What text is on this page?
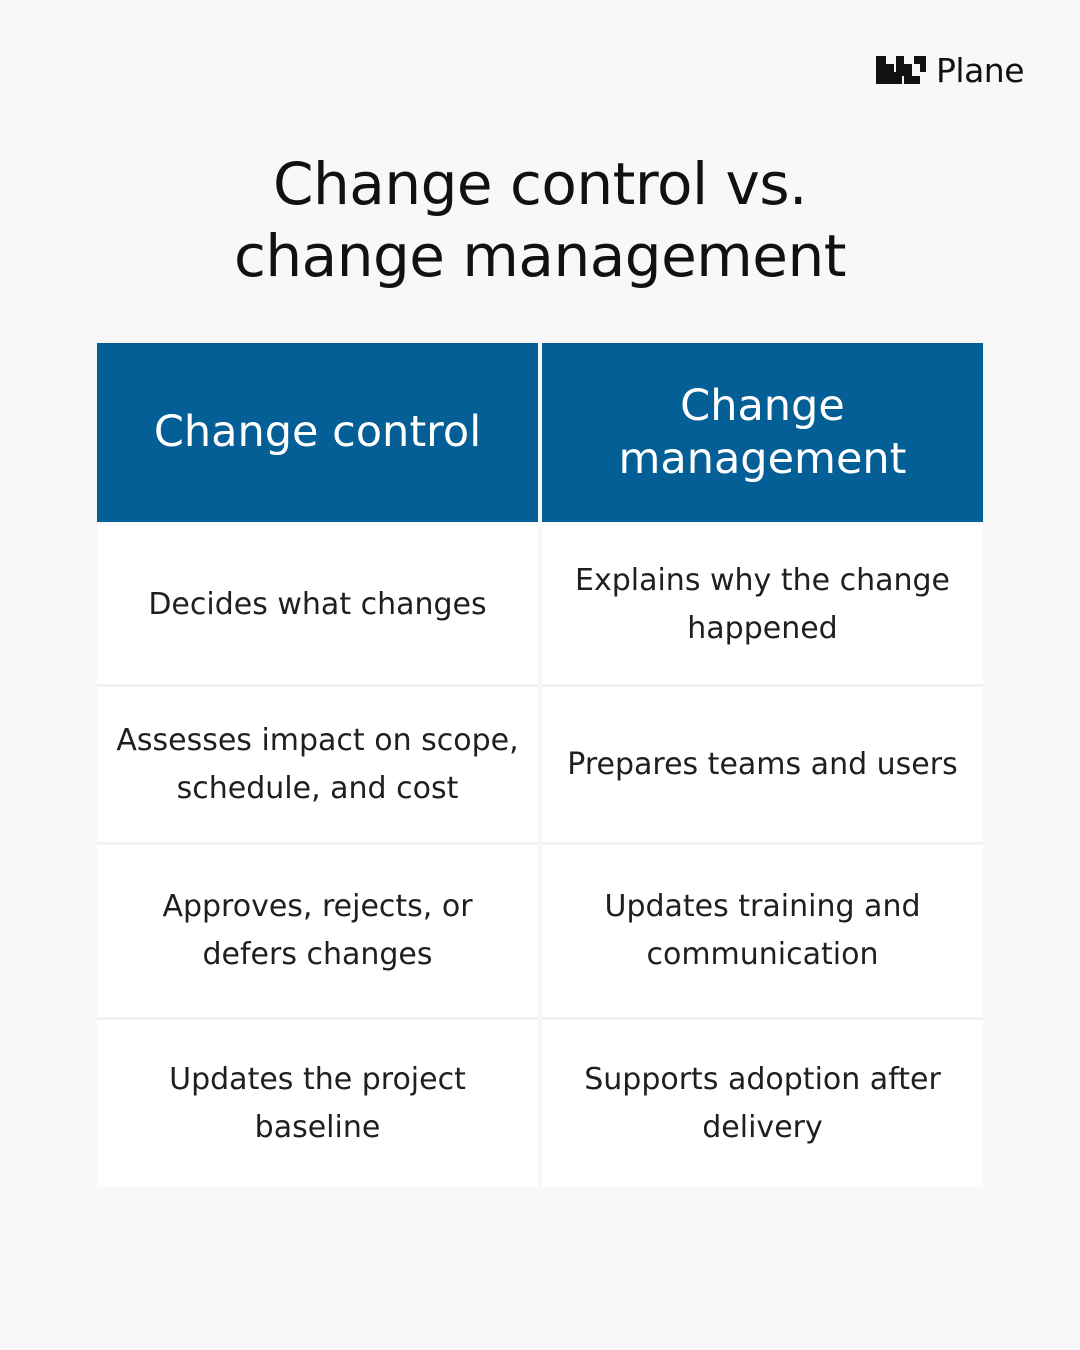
Plane
Change control vs.
change management
Change control
Change management
Decides what changes
Explains why the change happened
Assesses impact on scope, schedule, and cost
Prepares teams and users
Approves, rejects, or defers changes
Updates training and communication
Updates the project baseline
Supports adoption after delivery
